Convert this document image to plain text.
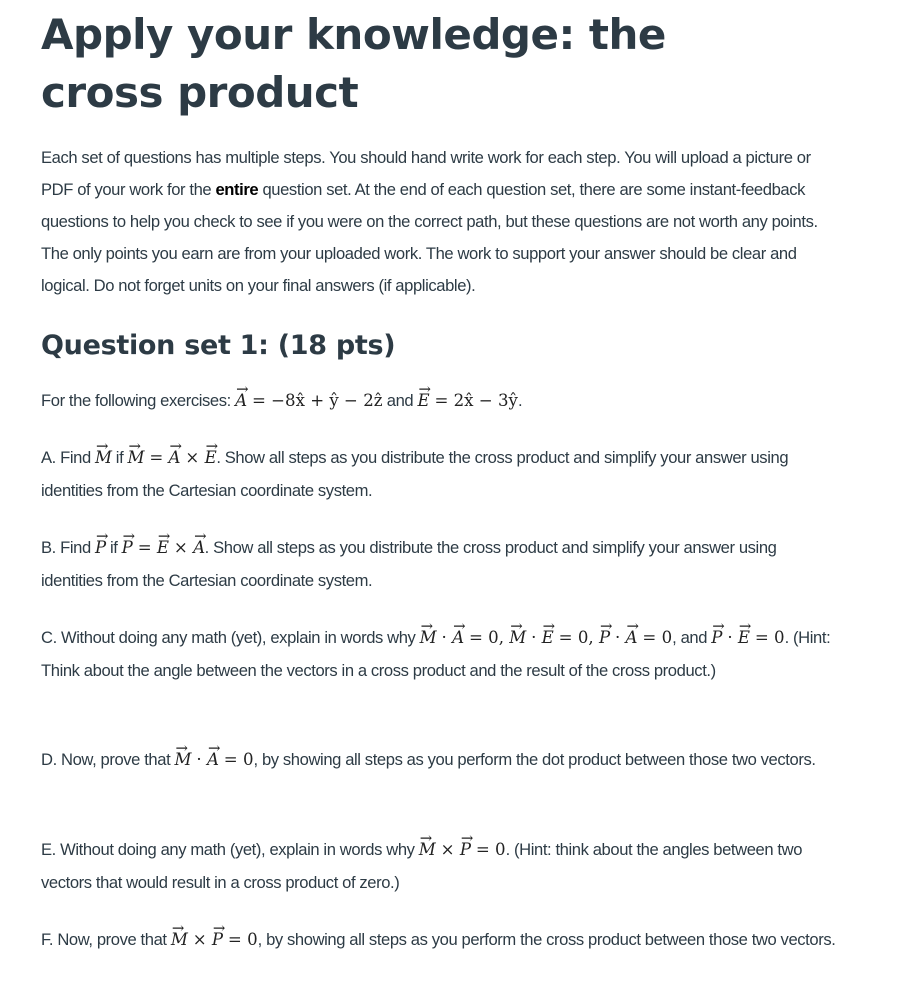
Apply your knowledge: the cross product

Each set of questions has multiple steps. You should hand write work for each step. You will upload a picture or PDF of your work for the entire question set. At the end of each question set, there are some instant-feedback questions to help you check to see if you were on the correct path, but these questions are not worth any points. The only points you earn are from your uploaded work. The work to support your answer should be clear and logical. Do not forget units on your final answers (if applicable).

Question set 1: (18 pts)

For the following exercises: → A = −8x̂ + ŷ − 2ẑ and → E = 2x̂ − 3ŷ.

A. Find → M if → M = → A × → E. Show all steps as you distribute the cross product and simplify your answer using identities from the Cartesian coordinate system.

B. Find → P if → P = → E × → A. Show all steps as you distribute the cross product and simplify your answer using identities from the Cartesian coordinate system.

C. Without doing any math (yet), explain in words why → M · → A = 0, → M · → E = 0, → P · → A = 0, and → P · → E = 0. (Hint: Think about the angle between the vectors in a cross product and the result of the cross product.)

D. Now, prove that → M · → A = 0, by showing all steps as you perform the dot product between those two vectors.

E. Without doing any math (yet), explain in words why → M × → P = 0. (Hint: think about the angles between two vectors that would result in a cross product of zero.)

F. Now, prove that → M × → P = 0, by showing all steps as you perform the cross product between those two vectors.
